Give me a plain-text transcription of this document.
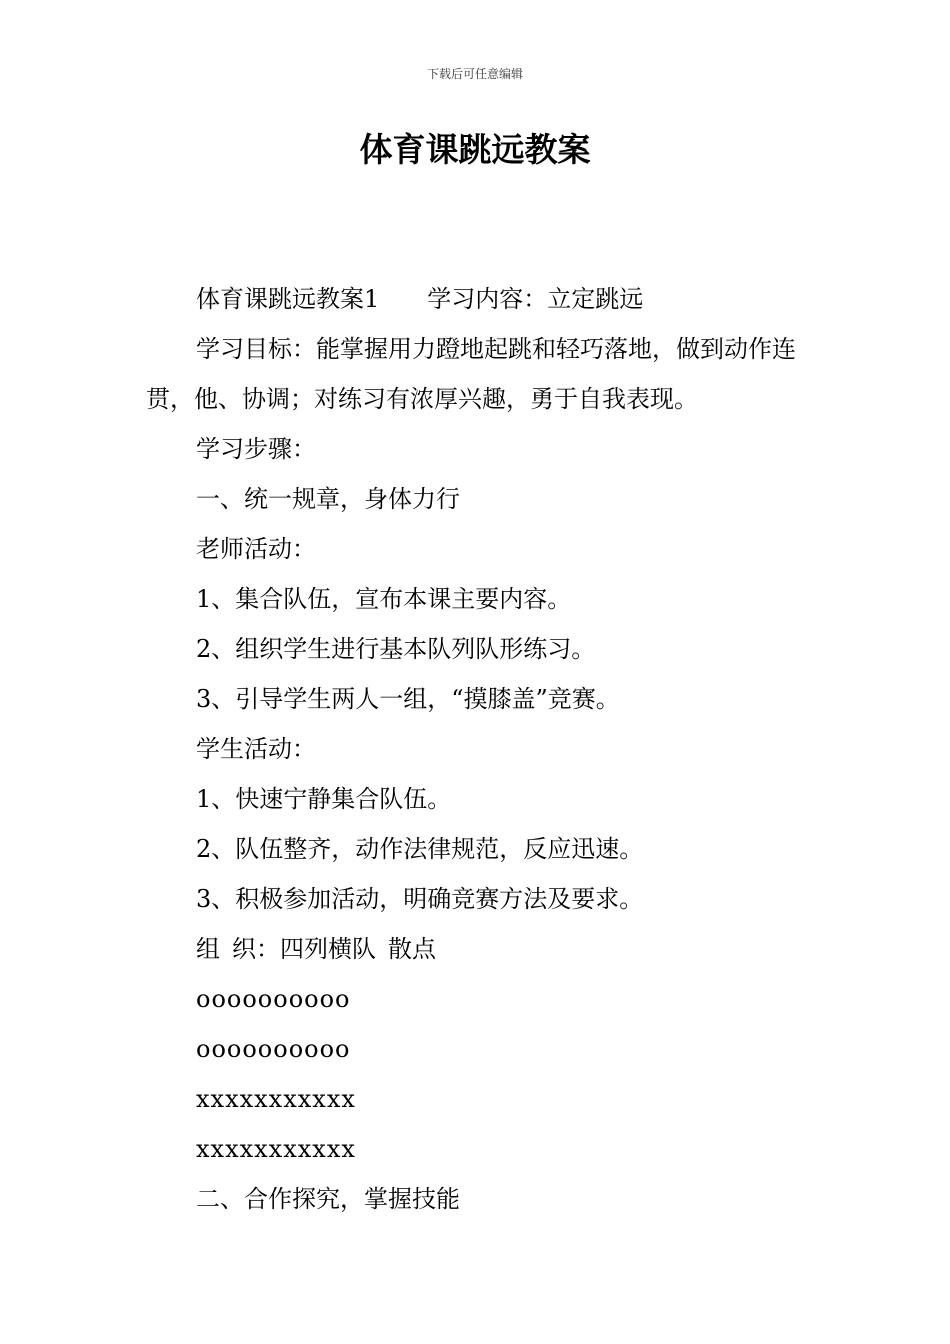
下载后可任意编辑
体育课跳远教案

体育课跳远教案1 学习内容：立定跳远

学习目标：能掌握用力蹬地起跳和轻巧落地，做到动作连贯，他、协调；对练习有浓厚兴趣，勇于自我表现。

学习步骤：

一、统一规章，身体力行

老师活动：

1、集合队伍，宣布本课主要内容。

2、组织学生进行基本队列队形练习。

3、引导学生两人一组，“摸膝盖”竞赛。

学生活动：

1、快速宁静集合队伍。

2、队伍整齐，动作法律规范，反应迅速。

3、积极参加活动，明确竞赛方法及要求。

组 织：四列横队 散点

oooooooooo

oooooooooo

xxxxxxxxxxx

xxxxxxxxxxx

二、合作探究，掌握技能
